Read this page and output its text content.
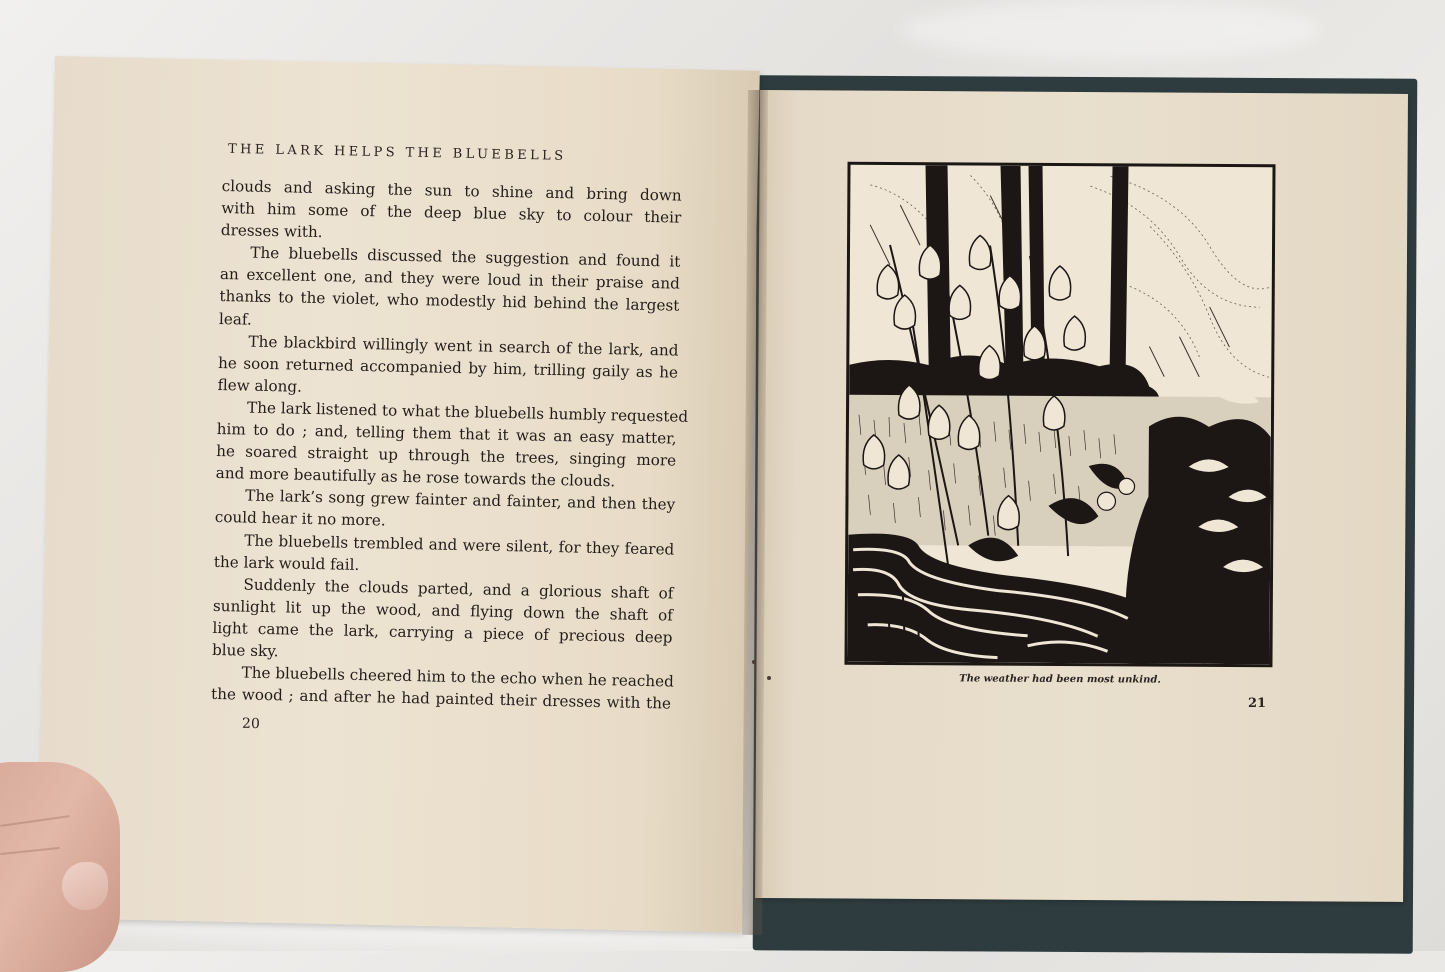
THE LARK HELPS THE BLUEBELLS
clouds and asking the sun to shine and bring down
with him some of the deep blue sky to colour their
dresses with.
The bluebells discussed the suggestion and found it
an excellent one, and they were loud in their praise and
thanks to the violet, who modestly hid behind the largest
leaf.
The blackbird willingly went in search of the lark, and
he soon returned accompanied by him, trilling gaily as he
flew along.
The lark listened to what the bluebells humbly requested
him to do ; and, telling them that it was an easy matter,
he soared straight up through the trees, singing more
and more beautifully as he rose towards the clouds.
The lark’s song grew fainter and fainter, and then they
could hear it no more.
The bluebells trembled and were silent, for they feared
the lark would fail.
Suddenly the clouds parted, and a glorious shaft of
sunlight lit up the wood, and flying down the shaft of
light came the lark, carrying a piece of precious deep
blue sky.
The bluebells cheered him to the echo when he reached
the wood ; and after he had painted their dresses with the
20
The weather had been most unkind.
21
